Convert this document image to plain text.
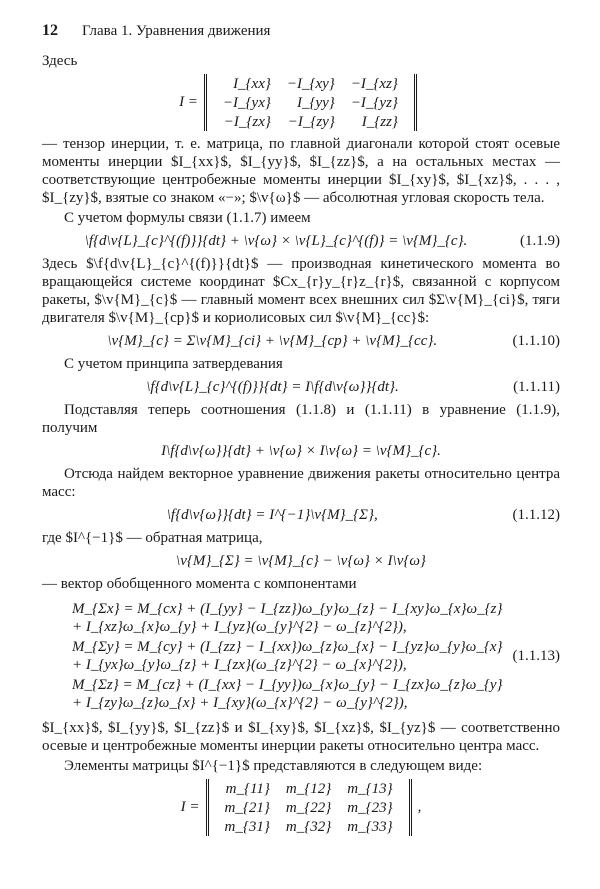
12 Глава 1. Уравнения движения
Здесь
I =
I_{xx}	−I_{xy}	−I_{xz}
−I_{yx}	I_{yy}	−I_{yz}
−I_{zx}	−I_{zy}	I_{zz}
— тензор инерции, т. е. матрица, по главной диагонали которой стоят осевые моменты инерции $I_{xx}$, $I_{yy}$, $I_{zz}$, а на остальных местах — соответствующие центробежные моменты инерции $I_{xy}$, $I_{xz}$, . . . , $I_{zy}$, взятые со знаком «−»; $\v{ω}$ — абсолютная угловая скорость тела.
С учетом формулы связи (1.1.7) имеем
\f{d\v{L}_{c}^{(f)}}{dt} + \v{ω} × \v{L}_{c}^{(f)} = \v{M}_{c}.	(1.1.9)
Здесь $\f{d\v{L}_{c}^{(f)}}{dt}$ — производная кинетического момента во вращающейся системе координат $Cx_{r}y_{r}z_{r}$, связанной с корпусом ракеты, $\v{M}_{c}$ — главный момент всех внешних сил $Σ\v{M}_{ci}$, тяги двигателя $\v{M}_{cp}$ и кориолисовых сил $\v{M}_{cc}$:
\v{M}_{c} = Σ\v{M}_{ci} + \v{M}_{cp} + \v{M}_{cc}.	(1.1.10)
С учетом принципа затвердевания
\f{d\v{L}_{c}^{(f)}}{dt} = I\f{d\v{ω}}{dt}.	(1.1.11)
Подставляя теперь соотношения (1.1.8) и (1.1.11) в уравнение (1.1.9), получим
I\f{d\v{ω}}{dt} + \v{ω} × I\v{ω} = \v{M}_{c}.
Отсюда найдем векторное уравнение движения ракеты относительно центра масс:
\f{d\v{ω}}{dt} = I^{−1}\v{M}_{Σ},	(1.1.12)
где $I^{−1}$ — обратная матрица,
\v{M}_{Σ} = \v{M}_{c} − \v{ω} × I\v{ω}
— вектор обобщенного момента с компонентами
M_{Σx} = M_{cx} + (I_{yy} − I_{zz})ω_{y}ω_{z} − I_{xy}ω_{x}ω_{z} + I_{xz}ω_{x}ω_{y} + I_{yz}(ω_{y}^{2} − ω_{z}^{2}),
M_{Σy} = M_{cy} + (I_{zz} − I_{xx})ω_{z}ω_{x} − I_{yz}ω_{y}ω_{x} + I_{yx}ω_{y}ω_{z} + I_{zx}(ω_{z}^{2} − ω_{x}^{2}),
M_{Σz} = M_{cz} + (I_{xx} − I_{yy})ω_{x}ω_{y} − I_{zx}ω_{z}ω_{y} + I_{zy}ω_{z}ω_{x} + I_{xy}(ω_{x}^{2} − ω_{y}^{2}),
(1.1.13)
$I_{xx}$, $I_{yy}$, $I_{zz}$ и $I_{xy}$, $I_{xz}$, $I_{yz}$ — соответственно осевые и центробежные моменты инерции ракеты относительно центра масс.
Элементы матрицы $I^{−1}$ представляются в следующем виде:
I =
m_{11}	m_{12}	m_{13}
m_{21}	m_{22}	m_{23}
m_{31}	m_{32}	m_{33}
,
